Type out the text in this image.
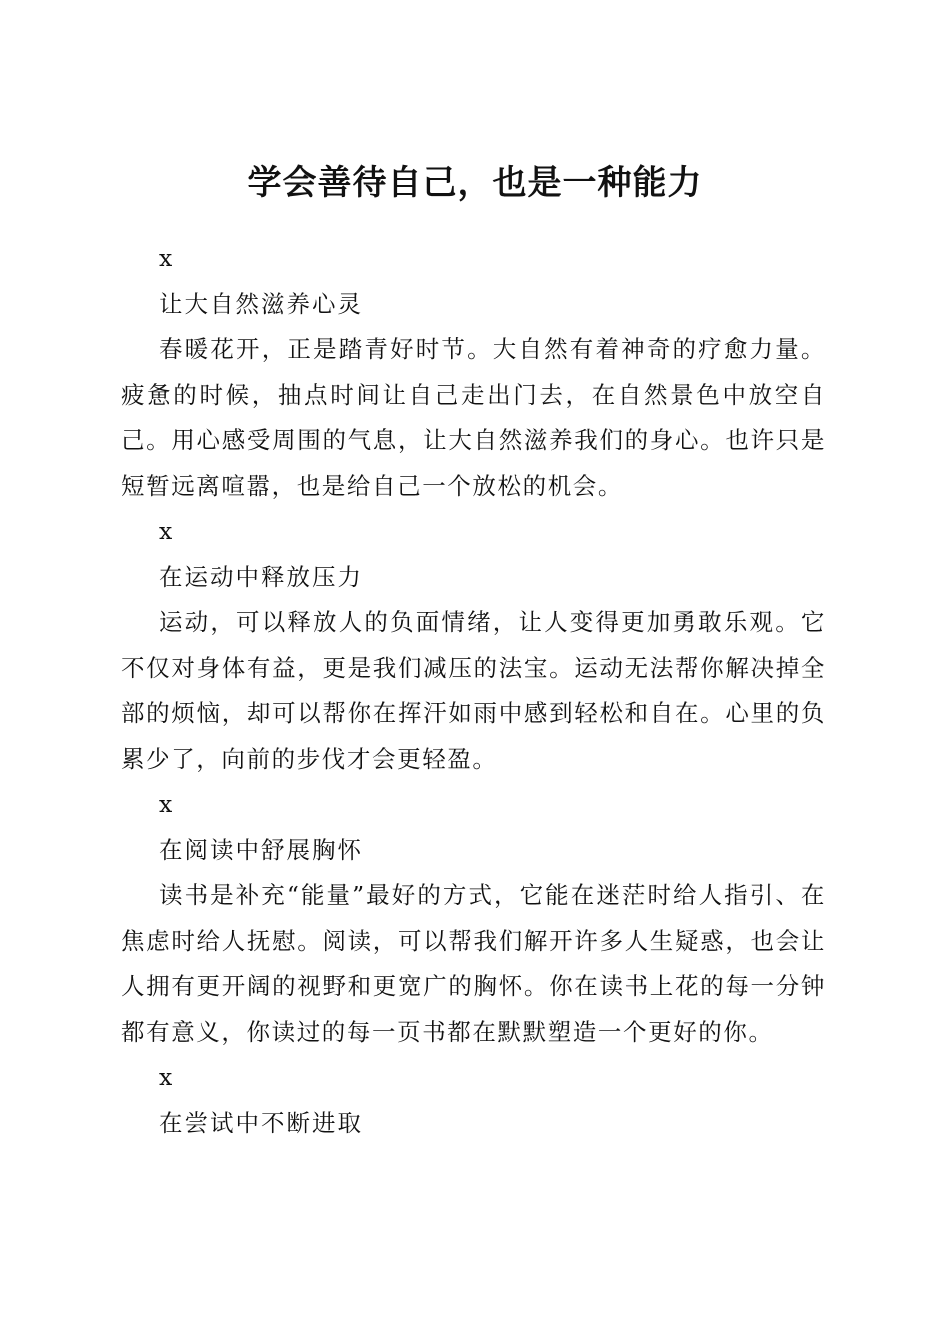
学会善待自己，也是一种能力

x

让大自然滋养心灵

春暖花开，正是踏青好时节。大自然有着神奇的疗愈力量。疲惫的时候，抽点时间让自己走出门去，在自然景色中放空自己。用心感受周围的气息，让大自然滋养我们的身心。也许只是短暂远离喧嚣，也是给自己一个放松的机会。

x

在运动中释放压力

运动，可以释放人的负面情绪，让人变得更加勇敢乐观。它不仅对身体有益，更是我们减压的法宝。运动无法帮你解决掉全部的烦恼，却可以帮你在挥汗如雨中感到轻松和自在。心里的负累少了，向前的步伐才会更轻盈。

x

在阅读中舒展胸怀

读书是补充“能量”最好的方式，它能在迷茫时给人指引、在焦虑时给人抚慰。阅读，可以帮我们解开许多人生疑惑，也会让人拥有更开阔的视野和更宽广的胸怀。你在读书上花的每一分钟都有意义，你读过的每一页书都在默默塑造一个更好的你。

x

在尝试中不断进取
